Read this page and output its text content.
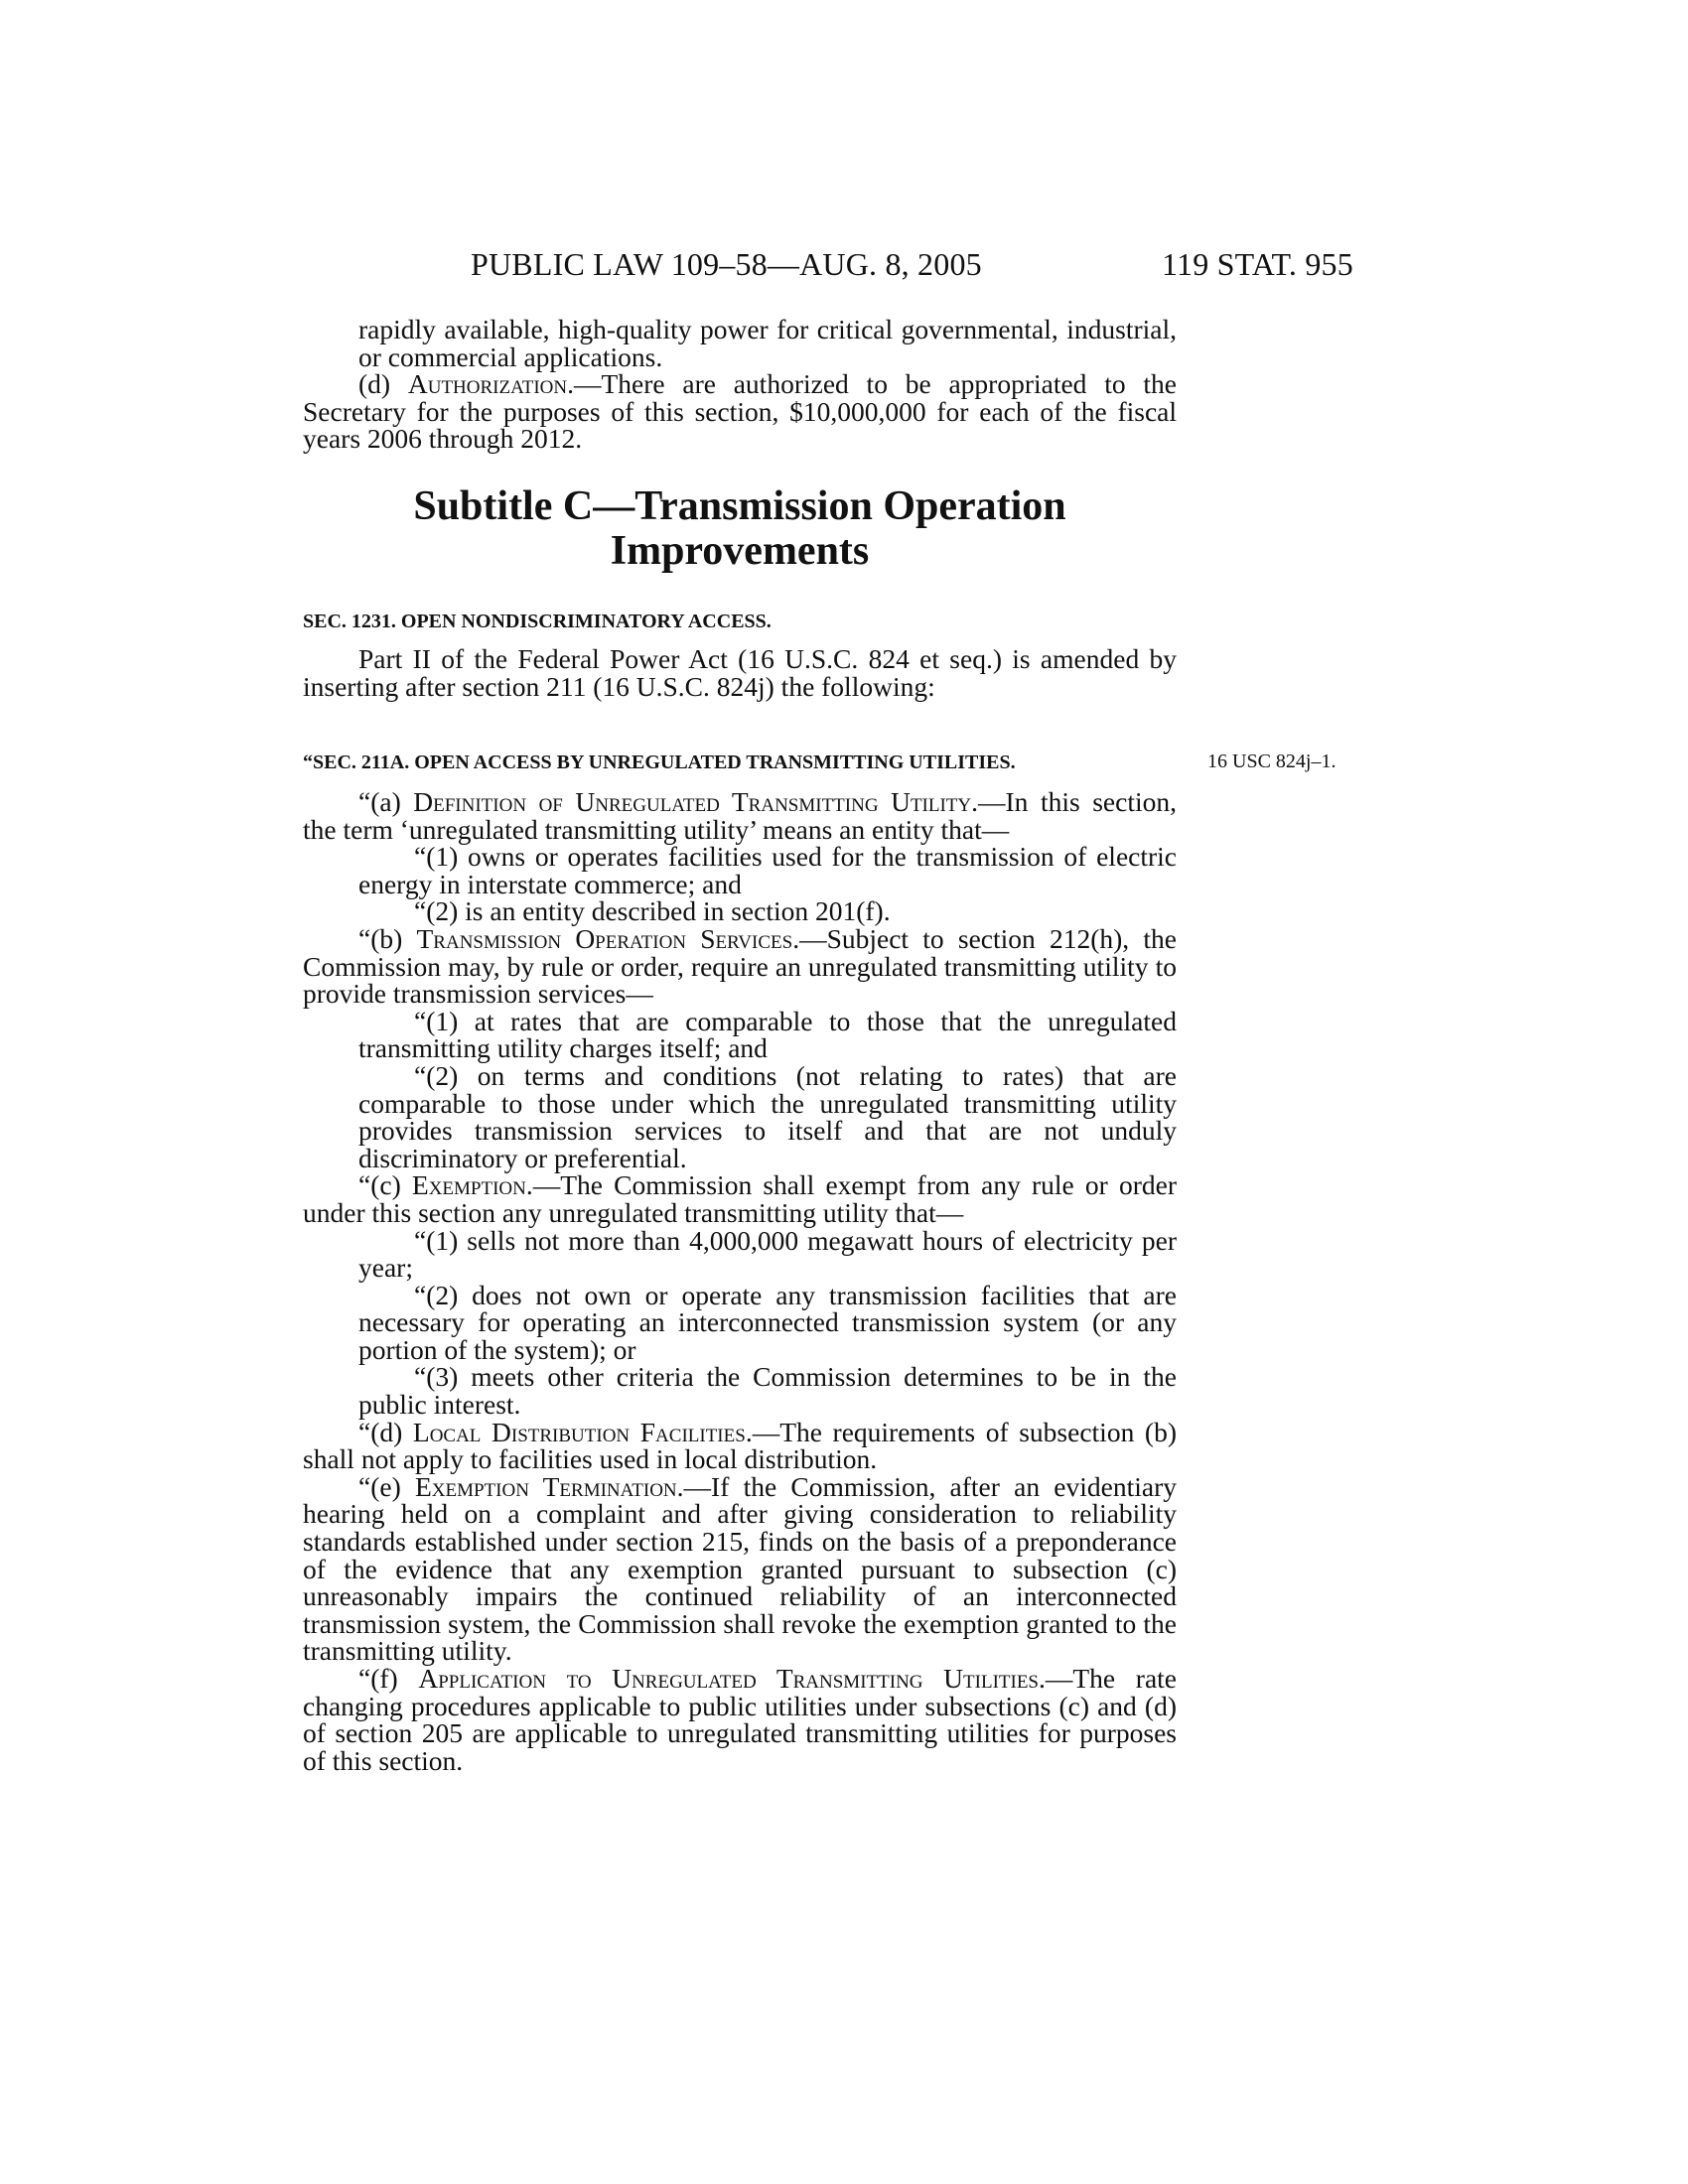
PUBLIC LAW 109–58—AUG. 8, 2005	119 STAT. 955

rapidly available, high-quality power for critical governmental, industrial, or commercial applications.

(d) Authorization.—There are authorized to be appropriated to the Secretary for the purposes of this section, $10,000,000 for each of the fiscal years 2006 through 2012.

Subtitle C—Transmission Operation
Improvements

SEC. 1231. OPEN NONDISCRIMINATORY ACCESS.

Part II of the Federal Power Act (16 U.S.C. 824 et seq.) is amended by inserting after section 211 (16 U.S.C. 824j) the following:

16 USC 824j–1.

“SEC. 211A. OPEN ACCESS BY UNREGULATED TRANSMITTING UTILITIES.

“(a) Definition of Unregulated Transmitting Utility.—In this section, the term ‘unregulated transmitting utility’ means an entity that—

“(1) owns or operates facilities used for the transmission of electric energy in interstate commerce; and

“(2) is an entity described in section 201(f).

“(b) Transmission Operation Services.—Subject to section 212(h), the Commission may, by rule or order, require an unregulated transmitting utility to provide transmission services—

“(1) at rates that are comparable to those that the unregulated transmitting utility charges itself; and

“(2) on terms and conditions (not relating to rates) that are comparable to those under which the unregulated transmitting utility provides transmission services to itself and that are not unduly discriminatory or preferential.

“(c) Exemption.—The Commission shall exempt from any rule or order under this section any unregulated transmitting utility that—

“(1) sells not more than 4,000,000 megawatt hours of electricity per year;

“(2) does not own or operate any transmission facilities that are necessary for operating an interconnected transmission system (or any portion of the system); or

“(3) meets other criteria the Commission determines to be in the public interest.

“(d) Local Distribution Facilities.—The requirements of subsection (b) shall not apply to facilities used in local distribution.

“(e) Exemption Termination.—If the Commission, after an evidentiary hearing held on a complaint and after giving consideration to reliability standards established under section 215, finds on the basis of a preponderance of the evidence that any exemption granted pursuant to subsection (c) unreasonably impairs the continued reliability of an interconnected transmission system, the Commission shall revoke the exemption granted to the transmitting utility.

“(f) Application to Unregulated Transmitting Utilities.—The rate changing procedures applicable to public utilities under subsections (c) and (d) of section 205 are applicable to unregulated transmitting utilities for purposes of this section.
